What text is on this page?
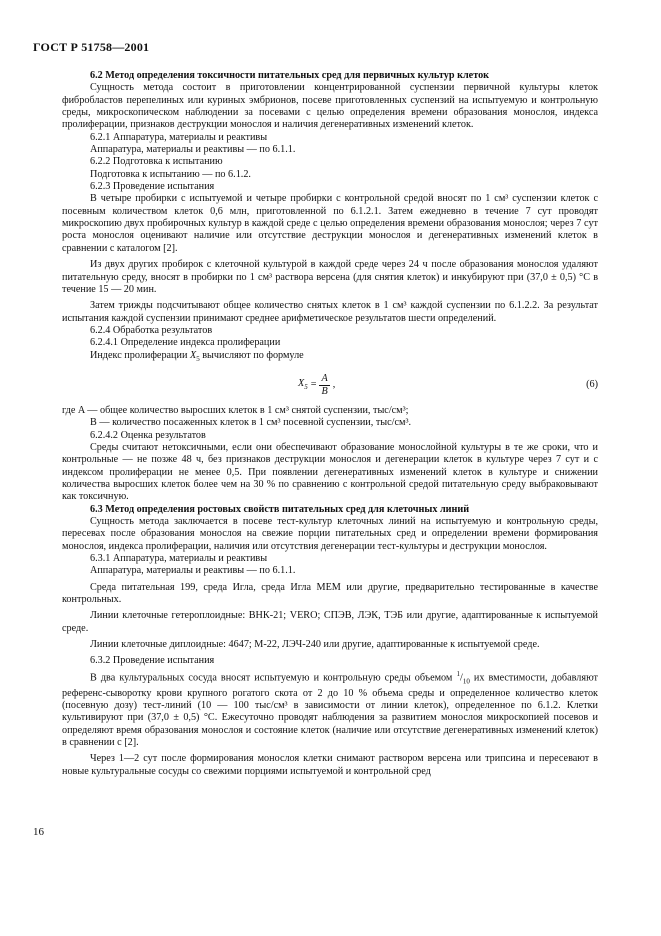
ГОСТ Р 51758—2001
6.2 Метод определения токсичности питательных сред для первичных культур клеток

Сущность метода состоит в приготовлении концентрированной суспензии первичной культуры клеток фибробластов перепелиных или куриных эмбрионов, посеве приготовленных суспензий на испытуемую и контрольную среды, микроскопическом наблюдении за посевами с целью определения времени образования монослоя, индекса пролиферации, признаков деструкции монослоя и наличия дегенеративных изменений клеток.

6.2.1 Аппаратура, материалы и реактивы

Аппаратура, материалы и реактивы — по 6.1.1.

6.2.2 Подготовка к испытанию

Подготовка к испытанию — по 6.1.2.

6.2.3 Проведение испытания

В четыре пробирки с испытуемой и четыре пробирки с контрольной средой вносят по 1 см³ суспензии клеток с посевным количеством клеток 0,6 млн, приготовленной по 6.1.2.1. Затем ежедневно в течение 7 сут проводят микроскопию двух пробирочных культур в каждой среде с целью определения времени образования монослоя; через 7 сут роста монослоя оценивают наличие или отсутствие деструкции монослоя и дегенеративных изменений клеток в сравнении с каталогом [2].

Из двух других пробирок с клеточной культурой в каждой среде через 24 ч после образования монослоя удаляют питательную среду, вносят в пробирки по 1 см³ раствора версена (для снятия клеток) и инкубируют при (37,0 ± 0,5) °С в течение 15 — 20 мин.

Затем трижды подсчитывают общее количество снятых клеток в 1 см³ каждой суспензии по 6.1.2.2. За результат испытания каждой суспензии принимают среднее арифметическое результатов шести определений.

6.2.4 Обработка результатов

6.2.4.1 Определение индекса пролиферации

Индекс пролиферации $X_5$ вычисляют по формуле

$X_5 = \frac{A}{B}$ ,	(6)

где A — общее количество выросших клеток в 1 см³ снятой суспензии, тыс/см³;

B — количество посаженных клеток в 1 см³ посевной суспензии, тыс/см³.

6.2.4.2 Оценка результатов

Среды считают нетоксичными, если они обеспечивают образование монослойной культуры в те же сроки, что и контрольные — не позже 48 ч, без признаков деструкции монослоя и дегенерации клеток в культуре через 7 сут и с индексом пролиферации не менее 0,5. При появлении дегенеративных изменений клеток в культуре и снижении количества выросших клеток более чем на 30 % по сравнению с контрольной средой питательную среду выбраковывают как токсичную.

6.3 Метод определения ростовых свойств питательных сред для клеточных линий

Сущность метода заключается в посеве тест-культур клеточных линий на испытуемую и контрольную среды, пересевах после образования монослоя на свежие порции питательных сред и определении времени формирования монослоя, индекса пролиферации, наличия или отсутствия дегенерации тест-культуры и деструкции монослоя.

6.3.1 Аппаратура, материалы и реактивы

Аппаратура, материалы и реактивы — по 6.1.1.

Среда питательная 199, среда Игла, среда Игла МЕМ или другие, предварительно тестированные в качестве контрольных.

Линии клеточные гетероплоидные: ВНК-21; VERO; СПЭВ, ЛЭК, ТЭБ или другие, адаптированные к испытуемой среде.

Линии клеточные диплоидные: 4647; М-22, ЛЭЧ-240 или другие, адаптированные к испытуемой среде.

6.3.2 Проведение испытания

В два культуральных сосуда вносят испытуемую и контрольную среды объемом $^1/_{10}$ их вместимости, добавляют референс-сыворотку крови крупного рогатого скота от 2 до 10 % объема среды и определенное количество клеток (посевную дозу) тест-линий (10 — 100 тыс/см³ в зависимости от линии клеток), определенное по 6.1.2. Клетки культивируют при (37,0 ± 0,5) °С. Ежесуточно проводят наблюдения за развитием монослоя микроскопией посевов и определяют время образования монослоя и состояние клеток (наличие или отсутствие дегенеративных изменений клеток) в сравнении с [2].

Через 1—2 сут после формирования монослоя клетки снимают раствором версена или трипсина и пересевают в новые культуральные сосуды со свежими порциями испытуемой и контрольной сред

16
